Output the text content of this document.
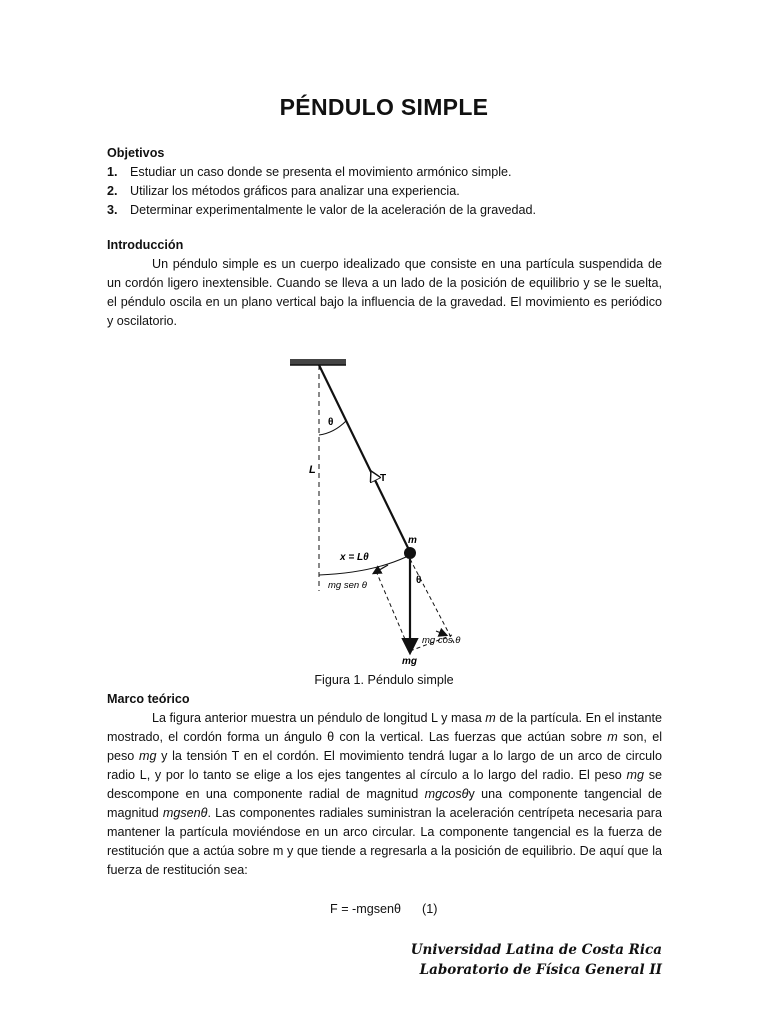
PÉNDULO SIMPLE
Objetivos
1. Estudiar un caso donde se presenta el movimiento armónico simple.
2. Utilizar los métodos gráficos para analizar una experiencia.
3. Determinar experimentalmente le valor de la aceleración de la gravedad.
Introducción

Un péndulo simple es un cuerpo idealizado que consiste en una partícula suspendida de un cordón ligero inextensible. Cuando se lleva a un lado de la posición de equilibrio y se le suelta, el péndulo oscila en un plano vertical bajo la influencia de la gravedad. El movimiento es periódico y oscilatorio.

θ
L
T
m
x = Lθ
mg sen θ	θ
mg
mg cos θ
Figura 1. Péndulo simple
Marco teórico

La figura anterior muestra un péndulo de longitud L y masa m de la partícula. En el instante mostrado, el cordón forma un ángulo θ con la vertical. Las fuerzas que actúan sobre m son, el peso mg y la tensión T en el cordón. El movimiento tendrá lugar a lo largo de un arco de circulo radio L, y por lo tanto se elige a los ejes tangentes al círculo a lo largo del radio. El peso mg se descompone en una componente radial de magnitud mgcosθy una componente tangencial de magnitud mgsenθ. Las componentes radiales suministran la aceleración centrípeta necesaria para mantener la partícula moviéndose en un arco circular. La componente tangencial es la fuerza de restitución que a actúa sobre m y que tiende a regresarla a la posición de equilibrio. De aquí que la fuerza de restitución sea:

F = -mgsenθ (1)
Universidad Latina de Costa Rica
Laboratorio de Física General II
